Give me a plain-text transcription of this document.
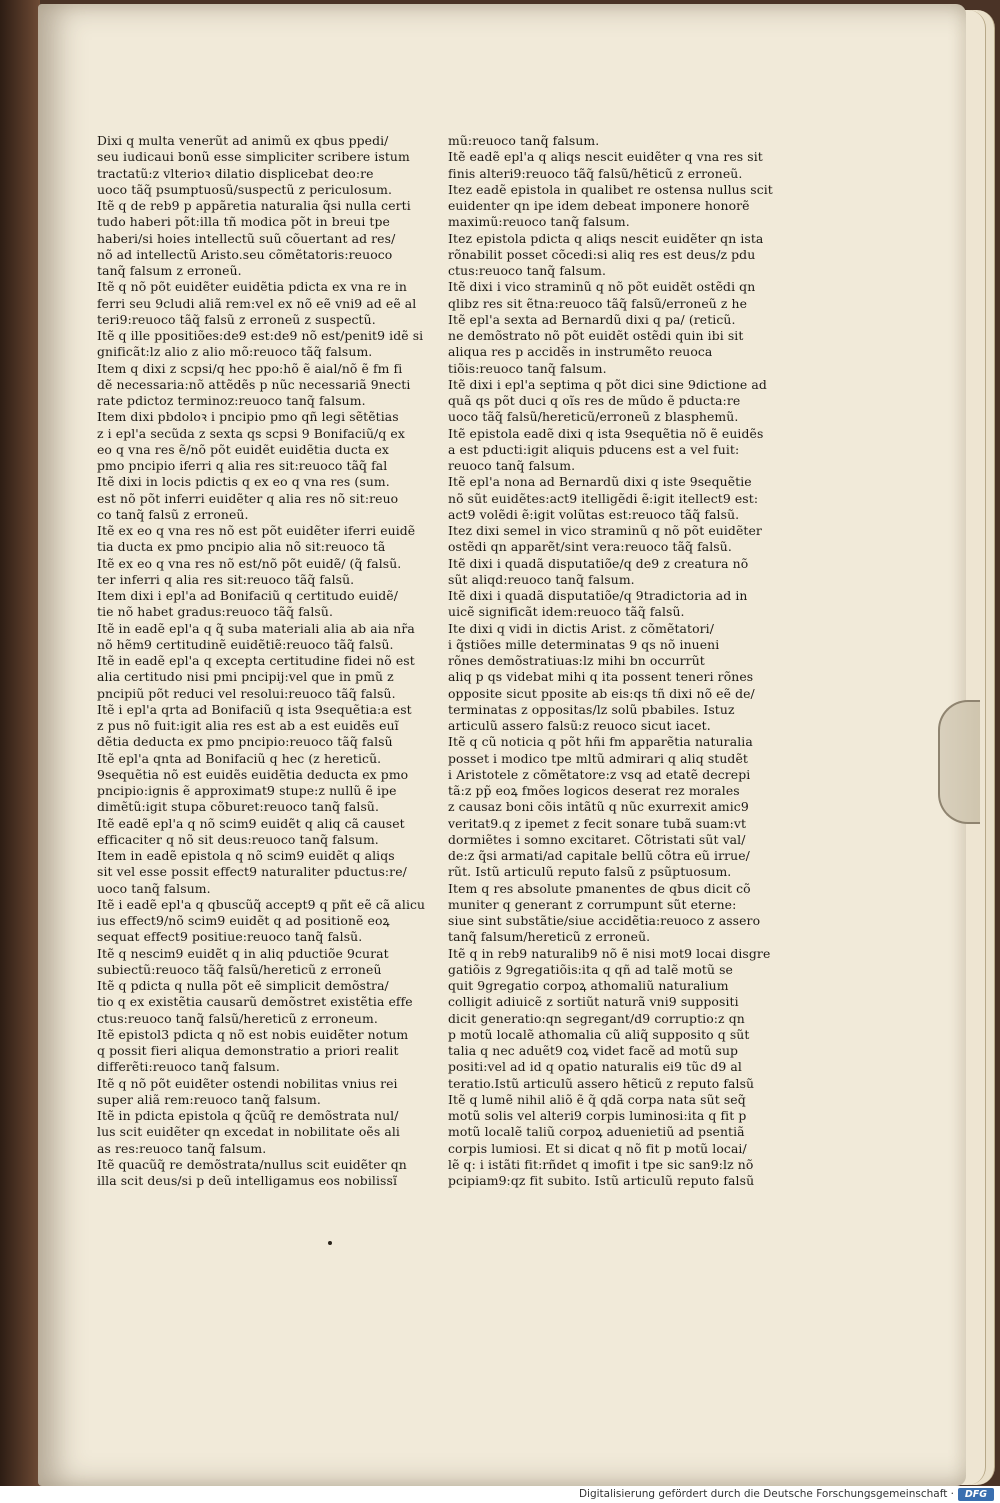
Dixi q multa venerũt ad animũ ex qbus ppedi/
seu iudicaui bonũ esse simpliciter scribere istum
tractatũ:z vlterioꝛ dilatio displicebat deo:re
uoco tãq̃ psumptuosũ/suspectũ z periculosum.
Itẽ q de reb9 p appãretia naturalia q̃si nulla certi
tudo haberi põt:illa tñ modica põt in breui tpe
haberi/si hoies intellectũ suũ cõuertant ad res/
nõ ad intellectũ Aristo.seu cõmẽtatoris:reuoco
tanq̃ falsum z erroneũ.
Itẽ q nõ põt euidẽter euidẽtia pdicta ex vna re in
ferri seu 9cludi aliã rem:vel ex nõ eẽ vni9 ad eẽ al
teri9:reuoco tãq̃ falsũ z erroneũ z suspectũ.
Itẽ q ille ppositiões:de9 est:de9 nõ est/penit9 idẽ si
gnificãt:lz alio z alio mõ:reuoco tãq̃ falsum.
Item q dixi z scpsi/q hec ppo:hõ ẽ aial/nõ ẽ fm fi
dẽ necessaria:nõ attẽdẽs p nũc necessariã 9necti
rate pdictoz terminoz:reuoco tanq̃ falsum.
Item dixi pbdoloꝛ i pncipio pmo qñ legi sẽtẽtias
z i epl'a secũda z sexta qs scpsi 9 Bonifaciũ/q ex
eo q vna res ẽ/nõ põt euidẽt euidẽtia ducta ex
pmo pncipio iferri q alia res sit:reuoco tãq̃ fal
Itẽ dixi in locis pdictis q ex eo q vna res (sum.
est nõ põt inferri euidẽter q alia res nõ sit:reuo
co tanq̃ falsũ z erroneũ.
Itẽ ex eo q vna res nõ est põt euidẽter iferri euidẽ
tia ducta ex pmo pncipio alia nõ sit:reuoco tã
Itẽ ex eo q vna res nõ est/nõ põt euidẽ/ (q̃ falsũ.
ter inferri q alia res sit:reuoco tãq̃ falsũ.
Item dixi i epl'a ad Bonifaciũ q certitudo euidẽ/
tie nõ habet gradus:reuoco tãq̃ falsũ.
Itẽ in eadẽ epl'a q q̃ suba materiali alia ab aia nr̃a
nõ hẽm9 certitudinẽ euidẽtiẽ:reuoco tãq̃ falsũ.
Itẽ in eadẽ epl'a q excepta certitudine fidei nõ est
alia certitudo nisi pmi pncipij:vel que in pmũ z
pncipiũ põt reduci vel resolui:reuoco tãq̃ falsũ.
Itẽ i epl'a qrta ad Bonifaciũ q ista 9sequẽtia:a est
z pus nõ fuit:igit alia res est ab a est euidẽs euĩ
dẽtia deducta ex pmo pncipio:reuoco tãq̃ falsũ
Itẽ epl'a qnta ad Bonifaciũ q hec (z hereticũ.
9sequẽtia nõ est euidẽs euidẽtia deducta ex pmo
pncipio:ignis ẽ approximat9 stupe:z nullũ ẽ ipe
dimẽtũ:igit stupa cõburet:reuoco tanq̃ falsũ.
Itẽ eadẽ epl'a q nõ scim9 euidẽt q aliq cã causet
efficaciter q nõ sit deus:reuoco tanq̃ falsum.
Item in eadẽ epistola q nõ scim9 euidẽt q aliqs
sit vel esse possit effect9 naturaliter pductus:re/
uoco tanq̃ falsum.
Itẽ i eadẽ epl'a q qbuscũq̃ accept9 q pñt eẽ cã alicu
ius effect9/nõ scim9 euidẽt q ad positionẽ eoꝝ
sequat effect9 positiue:reuoco tanq̃ falsũ.
Itẽ q nescim9 euidẽt q in aliq pductiõe 9curat
subiectũ:reuoco tãq̃ falsũ/hereticũ z erroneũ
Itẽ q pdicta q nulla põt eẽ simplicit demõstra/
tio q ex existẽtia causarũ demõstret existẽtia effe
ctus:reuoco tanq̃ falsũ/hereticũ z erroneum.
Itẽ epistol3 pdicta q nõ est nobis euidẽter notum
q possit fieri aliqua demonstratio a priori realit
differẽti:reuoco tanq̃ falsum.
Itẽ q nõ põt euidẽter ostendi nobilitas vnius rei
super aliã rem:reuoco tanq̃ falsum.
Itẽ in pdicta epistola q q̃cũq̃ re demõstrata nul/
lus scit euidẽter qn excedat in nobilitate oẽs ali
as res:reuoco tanq̃ falsum.
Itẽ quacũq̃ re demõstrata/nullus scit euidẽter qn
illa scit deus/si p deũ intelligamus eos nobilissĩ
mũ:reuoco tanq̃ falsum.
Itẽ eadẽ epl'a q aliqs nescit euidẽter q vna res sit
finis alteri9:reuoco tãq̃ falsũ/hẽticũ z erroneũ.
Itez eadẽ epistola in qualibet re ostensa nullus scit
euidenter qn ipe idem debeat imponere honorẽ
maximũ:reuoco tanq̃ falsum.
Itez epistola pdicta q aliqs nescit euidẽter qn ista
rõnabilit posset cõcedi:si aliq res est deus/z pdu
ctus:reuoco tanq̃ falsum.
Itẽ dixi i vico straminũ q nõ põt euidẽt ostẽdi qn
qlibz res sit ẽtna:reuoco tãq̃ falsũ/erroneũ z he
Itẽ epl'a sexta ad Bernardũ dixi q pa/ (reticũ.
ne demõstrato nõ põt euidẽt ostẽdi quin ibi sit
aliqua res p accidẽs in instrumẽto reuoca
tiõis:reuoco tanq̃ falsum.
Itẽ dixi i epl'a septima q põt dici sine 9dictione ad
quã qs põt duci q oĩs res de mũdo ẽ pducta:re
uoco tãq̃ falsũ/hereticũ/erroneũ z blasphemũ.
Itẽ epistola eadẽ dixi q ista 9sequẽtia nõ ẽ euidẽs
a est pducti:igit aliquis pducens est a vel fuit:
reuoco tanq̃ falsum.
Itẽ epl'a nona ad Bernardũ dixi q iste 9sequẽtie
nõ sũt euidẽtes:act9 itelligẽdi ẽ:igit itellect9 est:
act9 volẽdi ẽ:igit volũtas est:reuoco tãq̃ falsũ.
Itez dixi semel in vico straminũ q nõ põt euidẽter
ostẽdi qn apparẽt/sint vera:reuoco tãq̃ falsũ.
Itẽ dixi i quadã disputatiõe/q de9 z creatura nõ
sũt aliqd:reuoco tanq̃ falsum.
Itẽ dixi i quadã disputatiõe/q 9tradictoria ad in
uicẽ significãt idem:reuoco tãq̃ falsũ.
Ite dixi q vidi in dictis Arist. z cõmẽtatori/
i q̃stiões mille determinatas 9 qs nõ inueni
rõnes demõstratiuas:lz mihi bn occurrũt
aliq p qs videbat mihi q ita possent teneri rõnes
opposite sicut pposite ab eis:qs tñ dixi nõ eẽ de/
terminatas z oppositas/lz solũ pbabiles. Istuz
articulũ assero falsũ:z reuoco sicut iacet.
Itẽ q cũ noticia q põt hñi fm apparẽtia naturalia
posset i modico tpe mltũ admirari q aliq studẽt
i Aristotele z cõmẽtatore:z vsq ad etatẽ decrepi
tã:z pp̃ eoꝝ fmões logicos deserat rez morales
z causaz boni cõis intãtũ q nũc exurrexit amic9
veritat9.q z ipemet z fecit sonare tubã suam:vt
dormiẽtes i somno excitaret. Cõtristati sũt val/
de:z q̃si armati/ad capitale bellũ cõtra eũ irrue/
rũt. Istũ articulũ reputo falsũ z psũptuosum.
Item q res absolute pmanentes de qbus dicit cõ
muniter q generant z corrumpunt sũt eterne:
siue sint substãtie/siue accidẽtia:reuoco z assero
tanq̃ falsum/hereticũ z erroneũ.
Itẽ q in reb9 naturalib9 nõ ẽ nisi mot9 locai disgre
gatiõis z 9gregatiõis:ita q qñ ad talẽ motũ se
quit 9gregatio corpoꝝ athomaliũ naturalium
colligit adiuicẽ z sortiũt naturã vni9 suppositi
dicit generatio:qn segregant/d9 corruptio:z qn
p motũ localẽ athomalia cũ aliq̃ supposito q sũt
talia q nec aduẽt9 coꝝ videt facẽ ad motũ sup
positi:vel ad id q opatio naturalis ei9 tũc d9 al
teratio.Istũ articulũ assero hẽticũ z reputo falsũ
Itẽ q lumẽ nihil aliõ ẽ q̃ qdã corpa nata sũt seq̃
motũ solis vel alteri9 corpis luminosi:ita q fit p
motũ localẽ taliũ corpoꝝ aduenietiũ ad psentiã
corpis lumiosi. Et si dicat q nõ fit p motũ locai/
lẽ q: i istãti fit:rñdet q imofit i tpe sic san9:lz nõ
pcipiam9:qz fit subito. Istũ articulũ reputo falsũ
Digitalisierung gefördert durch die Deutsche Forschungsgemeinschaft ·	DFG
